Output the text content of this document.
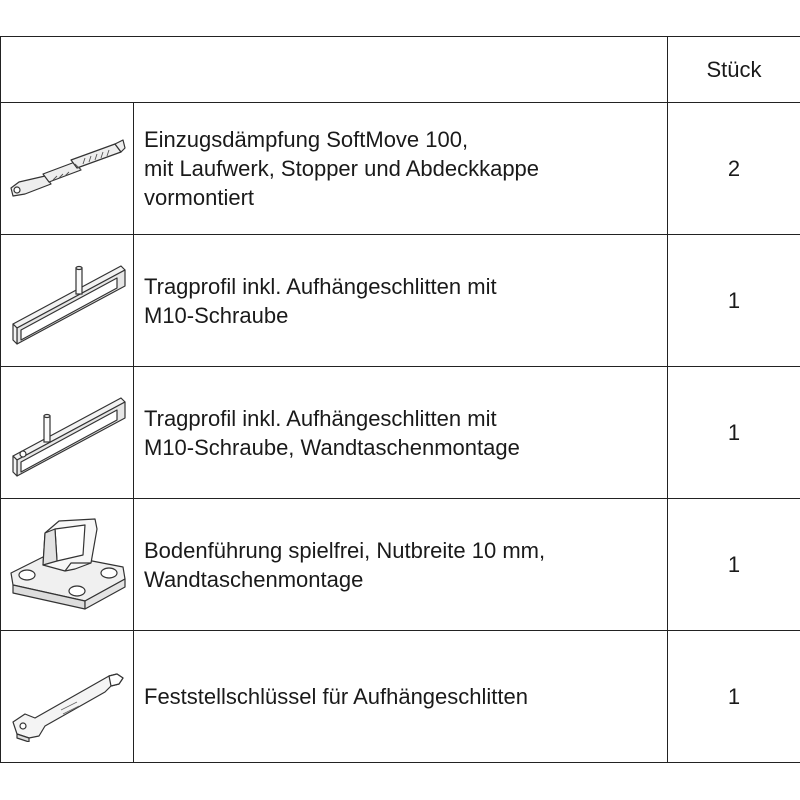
		Stück

Einzugsdämpfung SoftMove 100,
mit Laufwerk, Stopper und Abdeckkappe
vormontiert	2

Tragprofil inkl. Aufhängeschlitten mit
M10-Schraube	1

Tragprofil inkl. Aufhängeschlitten mit
M10-Schraube, Wandtaschenmontage	1

Bodenführung spielfrei, Nutbreite 10 mm,
Wandtaschenmontage	1

Feststellschlüssel für Aufhängeschlitten	1
